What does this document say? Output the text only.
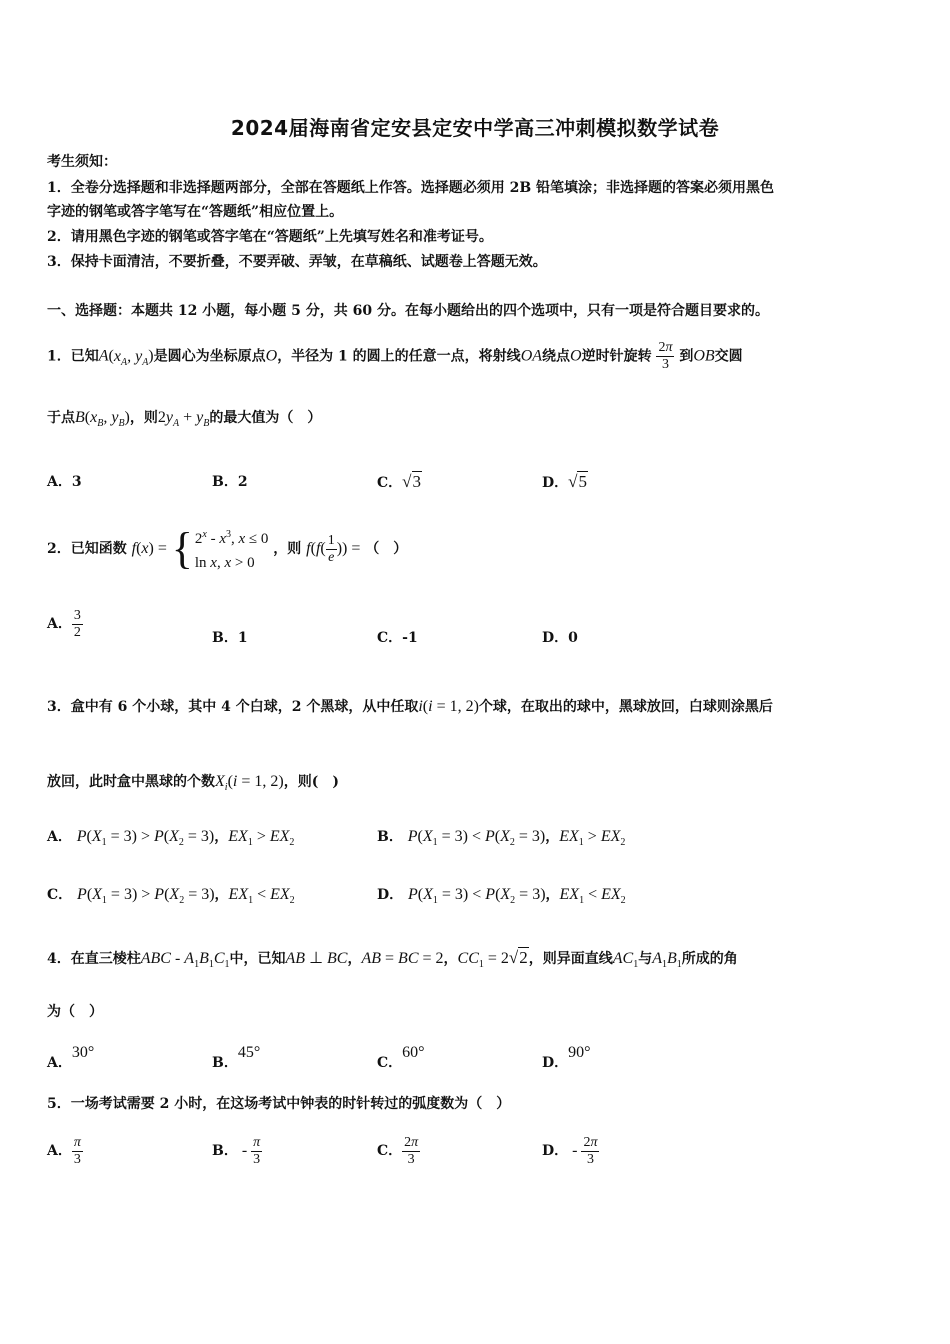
2024届海南省定安县定安中学高三冲刺模拟数学试卷
考生须知：
1．全卷分选择题和非选择题两部分，全部在答题纸上作答。选择题必须用 2B 铅笔填涂；非选择题的答案必须用黑色
字迹的钢笔或答字笔写在“答题纸”相应位置上。
2．请用黑色字迹的钢笔或答字笔在“答题纸”上先填写姓名和准考证号。
3．保持卡面清洁，不要折叠，不要弄破、弄皱，在草稿纸、试题卷上答题无效。
一、选择题：本题共 12 小题，每小题 5 分，共 60 分。在每小题给出的四个选项中，只有一项是符合题目要求的。
1．已知$A(x_A$, $y_A$)是圆心为坐标原点O，半径为 1 的圆上的任意一点，将射线OA绕点O逆时针旋转 $\frac{2\pi}{3}$ 到OB交圆
于点$B(x_B$, $y_B$)，则$2y_A + y_B$的最大值为（　）
A．3	B．2	C．√3	D．√5
2．已知函数 f(x) = { $2^x - x^3$, x ≤ 0
ln x, x > 0
，则 $f(f( \frac{1}{e}$ )) = （　）
A． $\frac{3}{2}$	B．1	C．-1	D．0
3．盒中有 6 个小球，其中 4 个白球，2 个黑球，从中任取i(i = 1, 2)个球，在取出的球中，黑球放回，白球则涂黑后
放回，此时盒中黑球的个数$X_i(i = 1$, 2)，则(　)
A． $P(X_1 = 3) > P(X_2 = 3)$，$EX_1 > EX_2$	B． $P(X_1 = 3) < P(X_2 = 3)$，$EX_1 > EX_2$
C． $P(X_1 = 3) > P(X_2 = 3)$，$EX_1 < EX_2$	D． $P(X_1 = 3) < P(X_2 = 3)$，$EX_1 < EX_2$
4．在直三棱柱ABC - $A_1B_1C_1$中，已知AB ⊥ BC，AB = BC = 2，$CC_1 = 2√2$，则异面直线$AC_1$与$A_1B_1$所成的角
为（　）
A．30°
B．45°
C．60°
D．90°
5．一场考试需要 2 小时，在这场考试中钟表的时针转过的弧度数为（　）
A． $\frac{\pi}{3}$	B． - $\frac{\pi}{3}$	C． $\frac{2\pi}{3}$	D． - $\frac{2\pi}{3}$
